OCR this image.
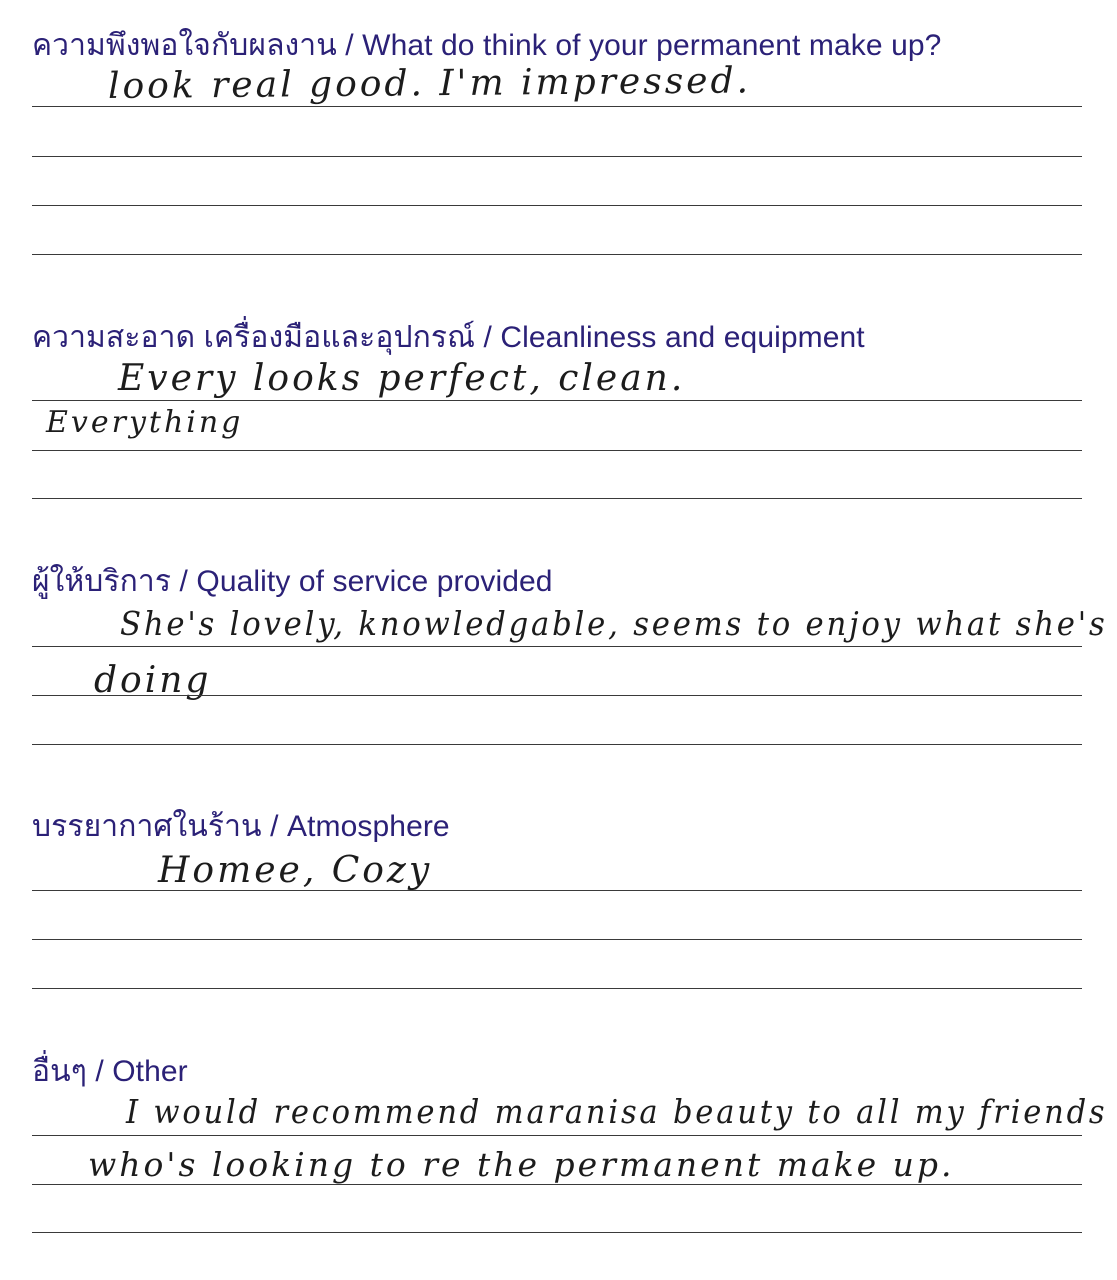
ความพึงพอใจกับผลงาน / What do think of your permanent make up?
look real good. I'm impressed.
ความสะอาด เครื่องมือและอุปกรณ์ / Cleanliness and equipment
Every looks perfect, clean.
Everything
ผู้ให้บริการ / Quality of service provided
She's lovely, knowledgable, seems to enjoy what she's
doing
บรรยากาศในร้าน / Atmosphere
Homee, Cozy
อื่นๆ / Other
I would recommend maranisa beauty to all my friends
who's looking to re the permanent make up.
